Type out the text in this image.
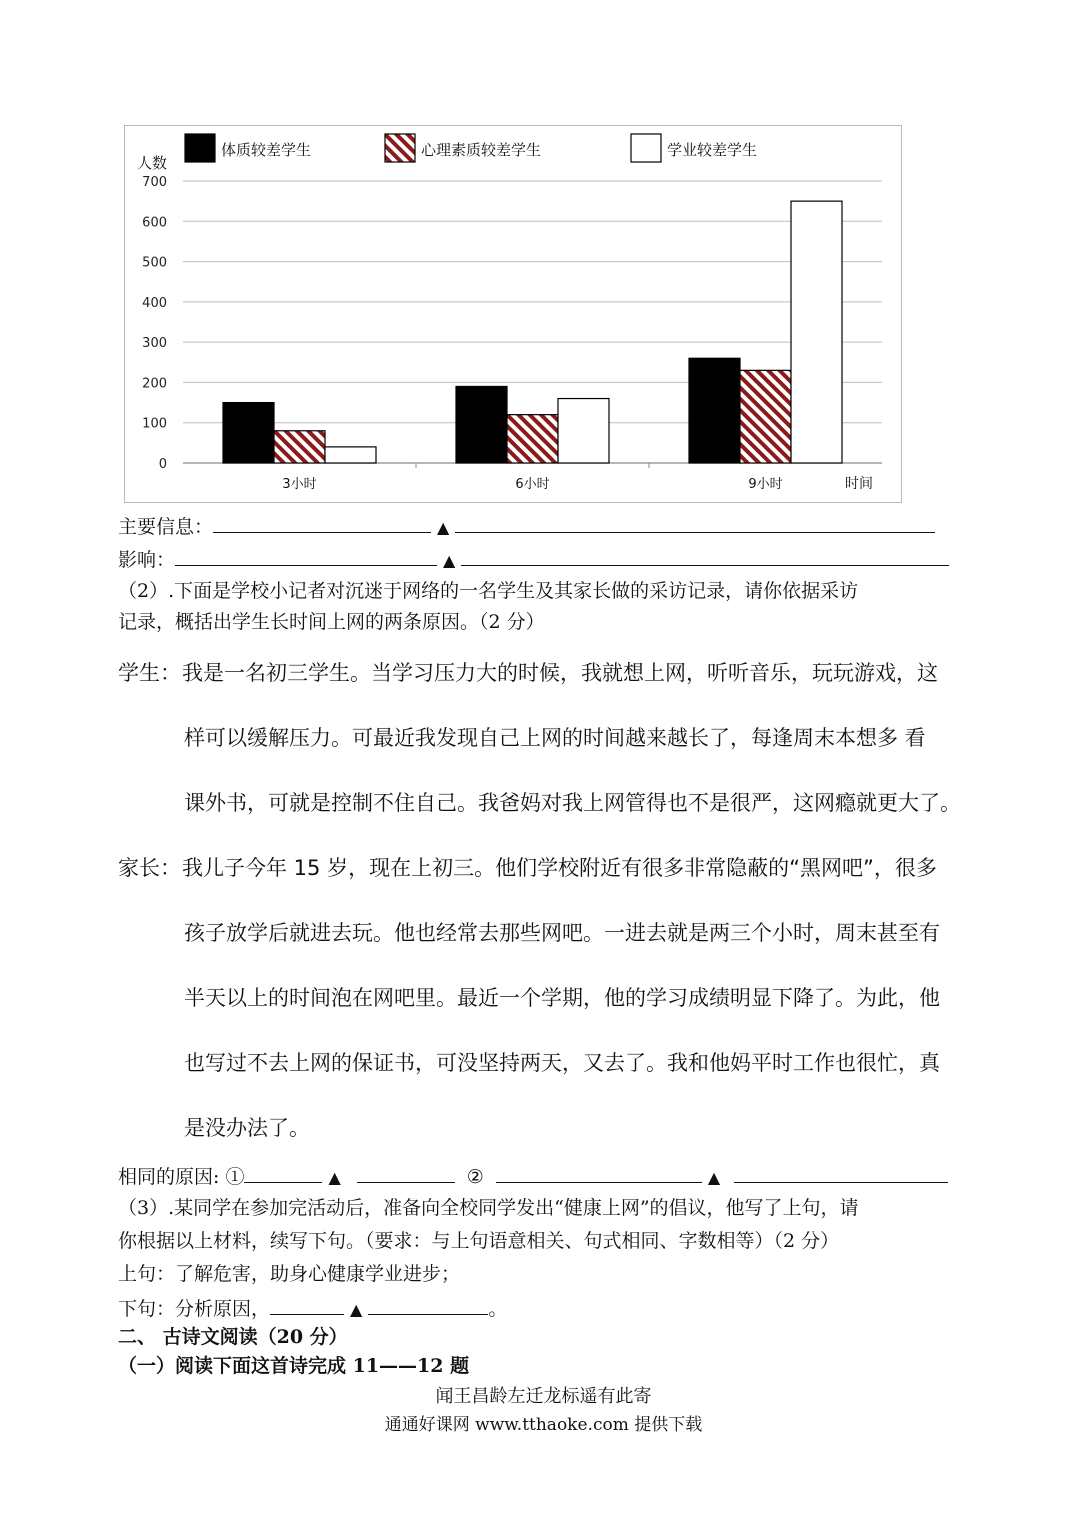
0
100
200
300
400
500
600
700
人数
时间
3小时	6小时	9小时
体质较差学生	心理素质较差学生	学业较差学生
主要信息：	▲
影响：	▲
（2）.下面是学校小记者对沉迷于网络的一名学生及其家长做的采访记录，请你依据采访
记录，概括出学生长时间上网的两条原因。（2 分）
学生： 我是一名初三学生。当学习压力大的时候，我就想上网，听听音乐，玩玩游戏，这
样可以缓解压力。可最近我发现自己上网的时间越来越长了，每逢周末本想多 看
课外书，可就是控制不住自己。我爸妈对我上网管得也不是很严，这网瘾就更大了。
家长： 我儿子今年 15 岁，现在上初三。他们学校附近有很多非常隐蔽的“黑网吧”，很多
孩子放学后就进去玩。他也经常去那些网吧。一进去就是两三个小时，周末甚至有
半天以上的时间泡在网吧里。最近一个学期，他的学习成绩明显下降了。为此，他
也写过不去上网的保证书，可没坚持两天，又去了。我和他妈平时工作也很忙，真
是没办法了。
相同的原因: ①	▲	②	▲
（3）.某同学在参加完活动后，准备向全校同学发出“健康上网”的倡议，他写了上句，请
你根据以上材料，续写下句。（要求：与上句语意相关、句式相同、字数相等）（2 分）
上句：了解危害，助身心健康学业进步；
下句：分析原因，	▲	。
二、 古诗文阅读（20 分）
（一）阅读下面这首诗完成 11——12 题
闻王昌龄左迁龙标遥有此寄
通通好课网 www.tthaoke.com 提供下载
